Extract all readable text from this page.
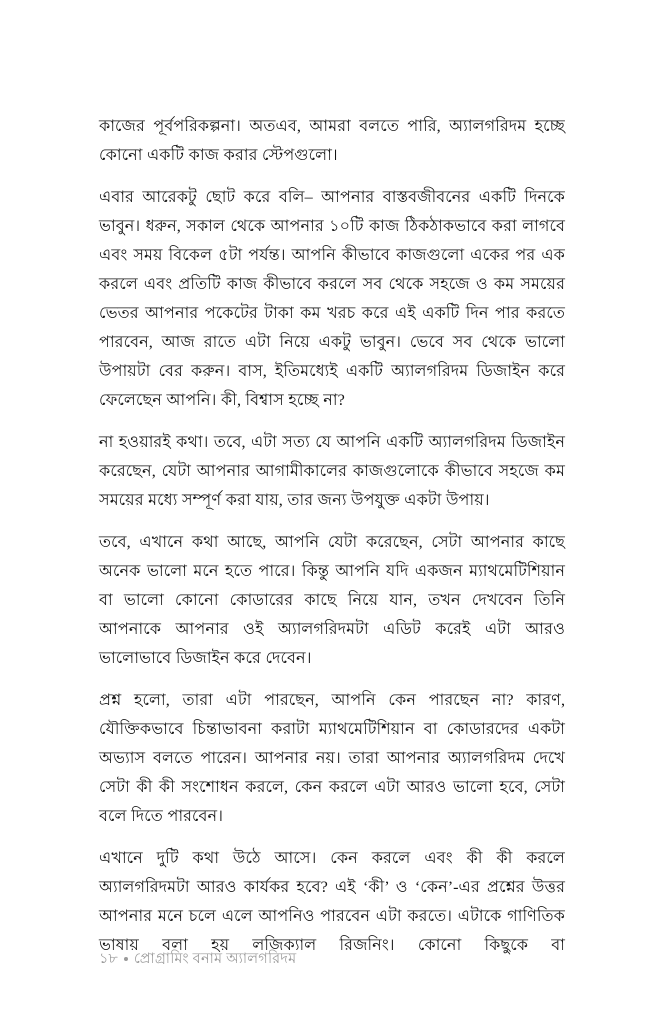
কাজের পূর্বপরিকল্পনা। অতএব, আমরা বলতে পারি, অ্যালগরিদম হচ্ছে কোনো একটি কাজ করার স্টেপগুলো।

এবার আরেকটু ছোট করে বলি– আপনার বাস্তবজীবনের একটি দিনকে ভাবুন। ধরুন, সকাল থেকে আপনার ১০টি কাজ ঠিকঠাকভাবে করা লাগবে এবং সময় বিকেল ৫টা পর্যন্ত। আপনি কীভাবে কাজগুলো একের পর এক করলে এবং প্রতিটি কাজ কীভাবে করলে সব থেকে সহজে ও কম সময়ের ভেতর আপনার পকেটের টাকা কম খরচ করে এই একটি দিন পার করতে পারবেন, আজ রাতে এটা নিয়ে একটু ভাবুন। ভেবে সব থেকে ভালো উপায়টা বের করুন। বাস, ইতিমধ্যেই একটি অ্যালগরিদম ডিজাইন করে ফেলেছেন আপনি। কী, বিশ্বাস হচ্ছে না?

না হওয়ারই কথা। তবে, এটা সত্য যে আপনি একটি অ্যালগরিদম ডিজাইন করেছেন, যেটা আপনার আগামীকালের কাজগুলোকে কীভাবে সহজে কম সময়ের মধ্যে সম্পূর্ণ করা যায়, তার জন্য উপযুক্ত একটা উপায়।

তবে, এখানে কথা আছে, আপনি যেটা করেছেন, সেটা আপনার কাছে অনেক ভালো মনে হতে পারে। কিন্তু আপনি যদি একজন ম্যাথমেটিশিয়ান বা ভালো কোনো কোডারের কাছে নিয়ে যান, তখন দেখবেন তিনি আপনাকে আপনার ওই অ্যালগরিদমটা এডিট করেই এটা আরও ভালোভাবে ডিজাইন করে দেবেন।

প্রশ্ন হলো, তারা এটা পারছেন, আপনি কেন পারছেন না? কারণ, যৌক্তিকভাবে চিন্তাভাবনা করাটা ম্যাথমেটিশিয়ান বা কোডারদের একটা অভ্যাস বলতে পারেন। আপনার নয়। তারা আপনার অ্যালগরিদম দেখে সেটা কী কী সংশোধন করলে, কেন করলে এটা আরও ভালো হবে, সেটা বলে দিতে পারবেন।

এখানে দুটি কথা উঠে আসে। কেন করলে এবং কী কী করলে অ্যালগরিদমটা আরও কার্যকর হবে? এই ‘কী’ ও ‘কেন’-এর প্রশ্নের উত্তর আপনার মনে চলে এলে আপনিও পারবেন এটা করতে। এটাকে গাণিতিক ভাষায় বলা হয় লজিক্যাল রিজনিং। কোনো কিছুকে বা

১৮ প্রোগ্রামিং বনাম অ্যালগরিদম
